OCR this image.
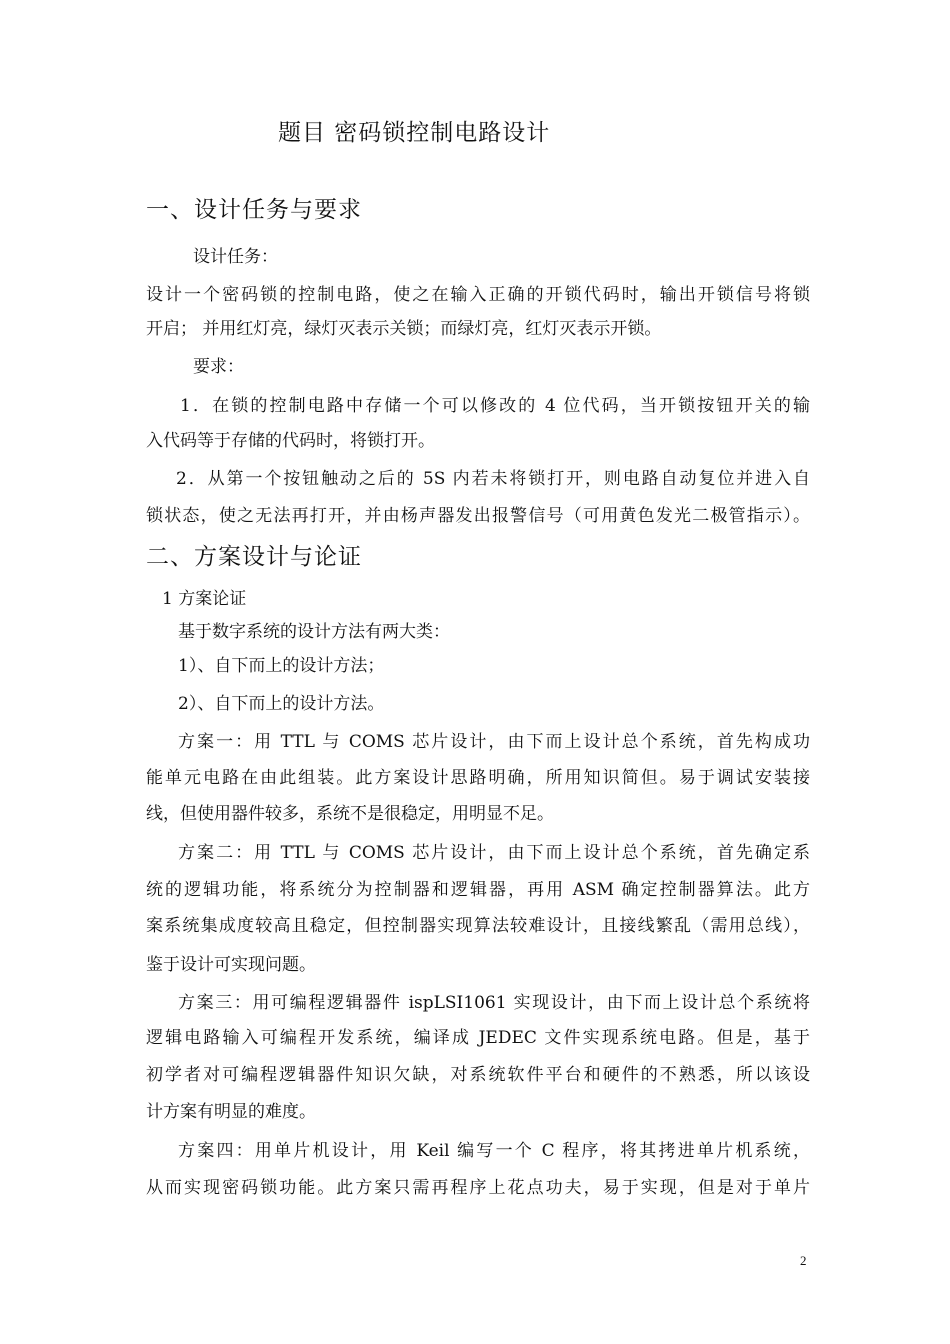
题目 密码锁控制电路设计
一、设计任务与要求
设计任务：
设计一个密码锁的控制电路，使之在输入正确的开锁代码时，输出开锁信号将锁
开启； 并用红灯亮，绿灯灭表示关锁；而绿灯亮，红灯灭表示开锁。
要求：
1．在锁的控制电路中存储一个可以修改的 4 位代码，当开锁按钮开关的输
入代码等于存储的代码时，将锁打开。
2．从第一个按钮触动之后的 5S 内若未将锁打开，则电路自动复位并进入自
锁状态，使之无法再打开，并由杨声器发出报警信号（可用黄色发光二极管指示）。
二、方案设计与论证
1 方案论证
基于数字系统的设计方法有两大类：
1）、自下而上的设计方法；
2）、自下而上的设计方法。
方案一：用 TTL 与 COMS 芯片设计，由下而上设计总个系统，首先构成功
能单元电路在由此组装。此方案设计思路明确，所用知识简但。易于调试安装接
线，但使用器件较多，系统不是很稳定，用明显不足。
方案二：用 TTL 与 COMS 芯片设计，由下而上设计总个系统，首先确定系
统的逻辑功能，将系统分为控制器和逻辑器，再用 ASM 确定控制器算法。此方
案系统集成度较高且稳定，但控制器实现算法较难设计，且接线繁乱（需用总线），
鉴于设计可实现问题。
方案三：用可编程逻辑器件 ispLSI1061 实现设计，由下而上设计总个系统将
逻辑电路输入可编程开发系统，编译成 JEDEC 文件实现系统电路。但是，基于
初学者对可编程逻辑器件知识欠缺，对系统软件平台和硬件的不熟悉，所以该设
计方案有明显的难度。
方案四：用单片机设计，用 Keil 编写一个 C 程序，将其拷进单片机系统，
从而实现密码锁功能。此方案只需再程序上花点功夫，易于实现，但是对于单片
2
